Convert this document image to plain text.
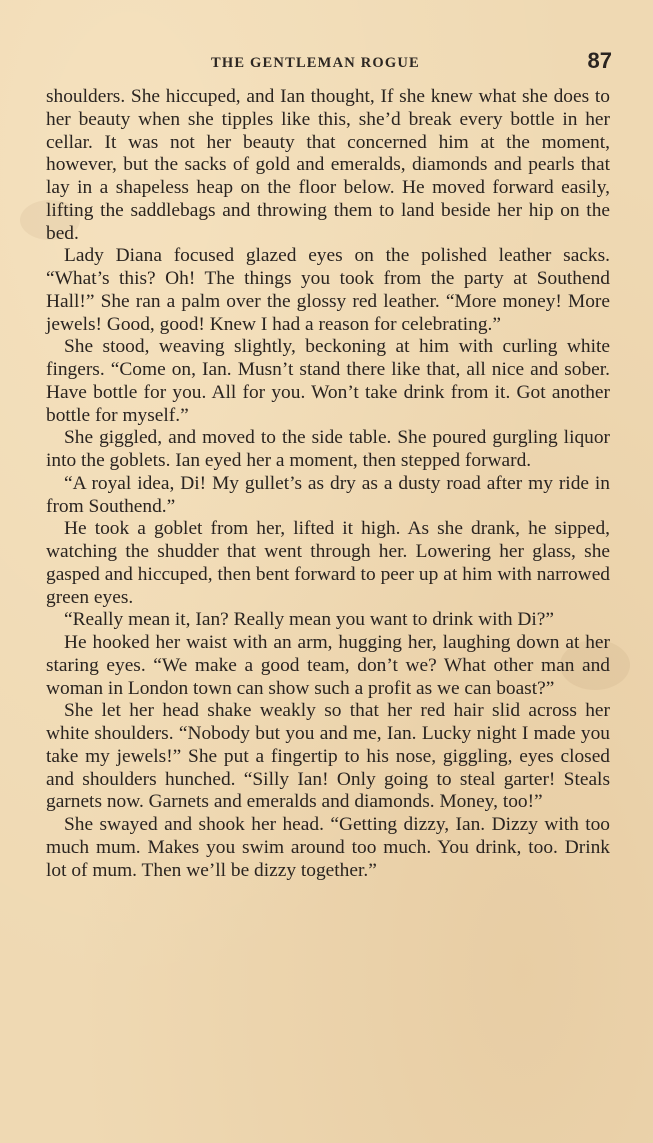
THE GENTLEMAN ROGUE	87

shoulders. She hiccuped, and Ian thought, If she knew what she does to her beauty when she tipples like this, she’d break every bottle in her cellar. It was not her beauty that concerned him at the moment, however, but the sacks of gold and emeralds, diamonds and pearls that lay in a shapeless heap on the floor below. He moved forward easily, lifting the saddlebags and throwing them to land beside her hip on the bed.

Lady Diana focused glazed eyes on the polished leather sacks. “What’s this? Oh! The things you took from the party at Southend Hall!” She ran a palm over the glossy red leather. “More money! More jewels! Good, good! Knew I had a reason for celebrating.”

She stood, weaving slightly, beckoning at him with curling white fingers. “Come on, Ian. Musn’t stand there like that, all nice and sober. Have bottle for you. All for you. Won’t take drink from it. Got another bottle for myself.”

She giggled, and moved to the side table. She poured gurgling liquor into the goblets. Ian eyed her a moment, then stepped forward.

“A royal idea, Di! My gullet’s as dry as a dusty road after my ride in from Southend.”

He took a goblet from her, lifted it high. As she drank, he sipped, watching the shudder that went through her. Lowering her glass, she gasped and hiccuped, then bent forward to peer up at him with narrowed green eyes.

“Really mean it, Ian? Really mean you want to drink with Di?”

He hooked her waist with an arm, hugging her, laughing down at her staring eyes. “We make a good team, don’t we? What other man and woman in London town can show such a profit as we can boast?”

She let her head shake weakly so that her red hair slid across her white shoulders. “Nobody but you and me, Ian. Lucky night I made you take my jewels!” She put a fingertip to his nose, giggling, eyes closed and shoulders hunched. “Silly Ian! Only going to steal garter! Steals garnets now. Garnets and emeralds and diamonds. Money, too!”

She swayed and shook her head. “Getting dizzy, Ian. Dizzy with too much mum. Makes you swim around too much. You drink, too. Drink lot of mum. Then we’ll be dizzy together.”
